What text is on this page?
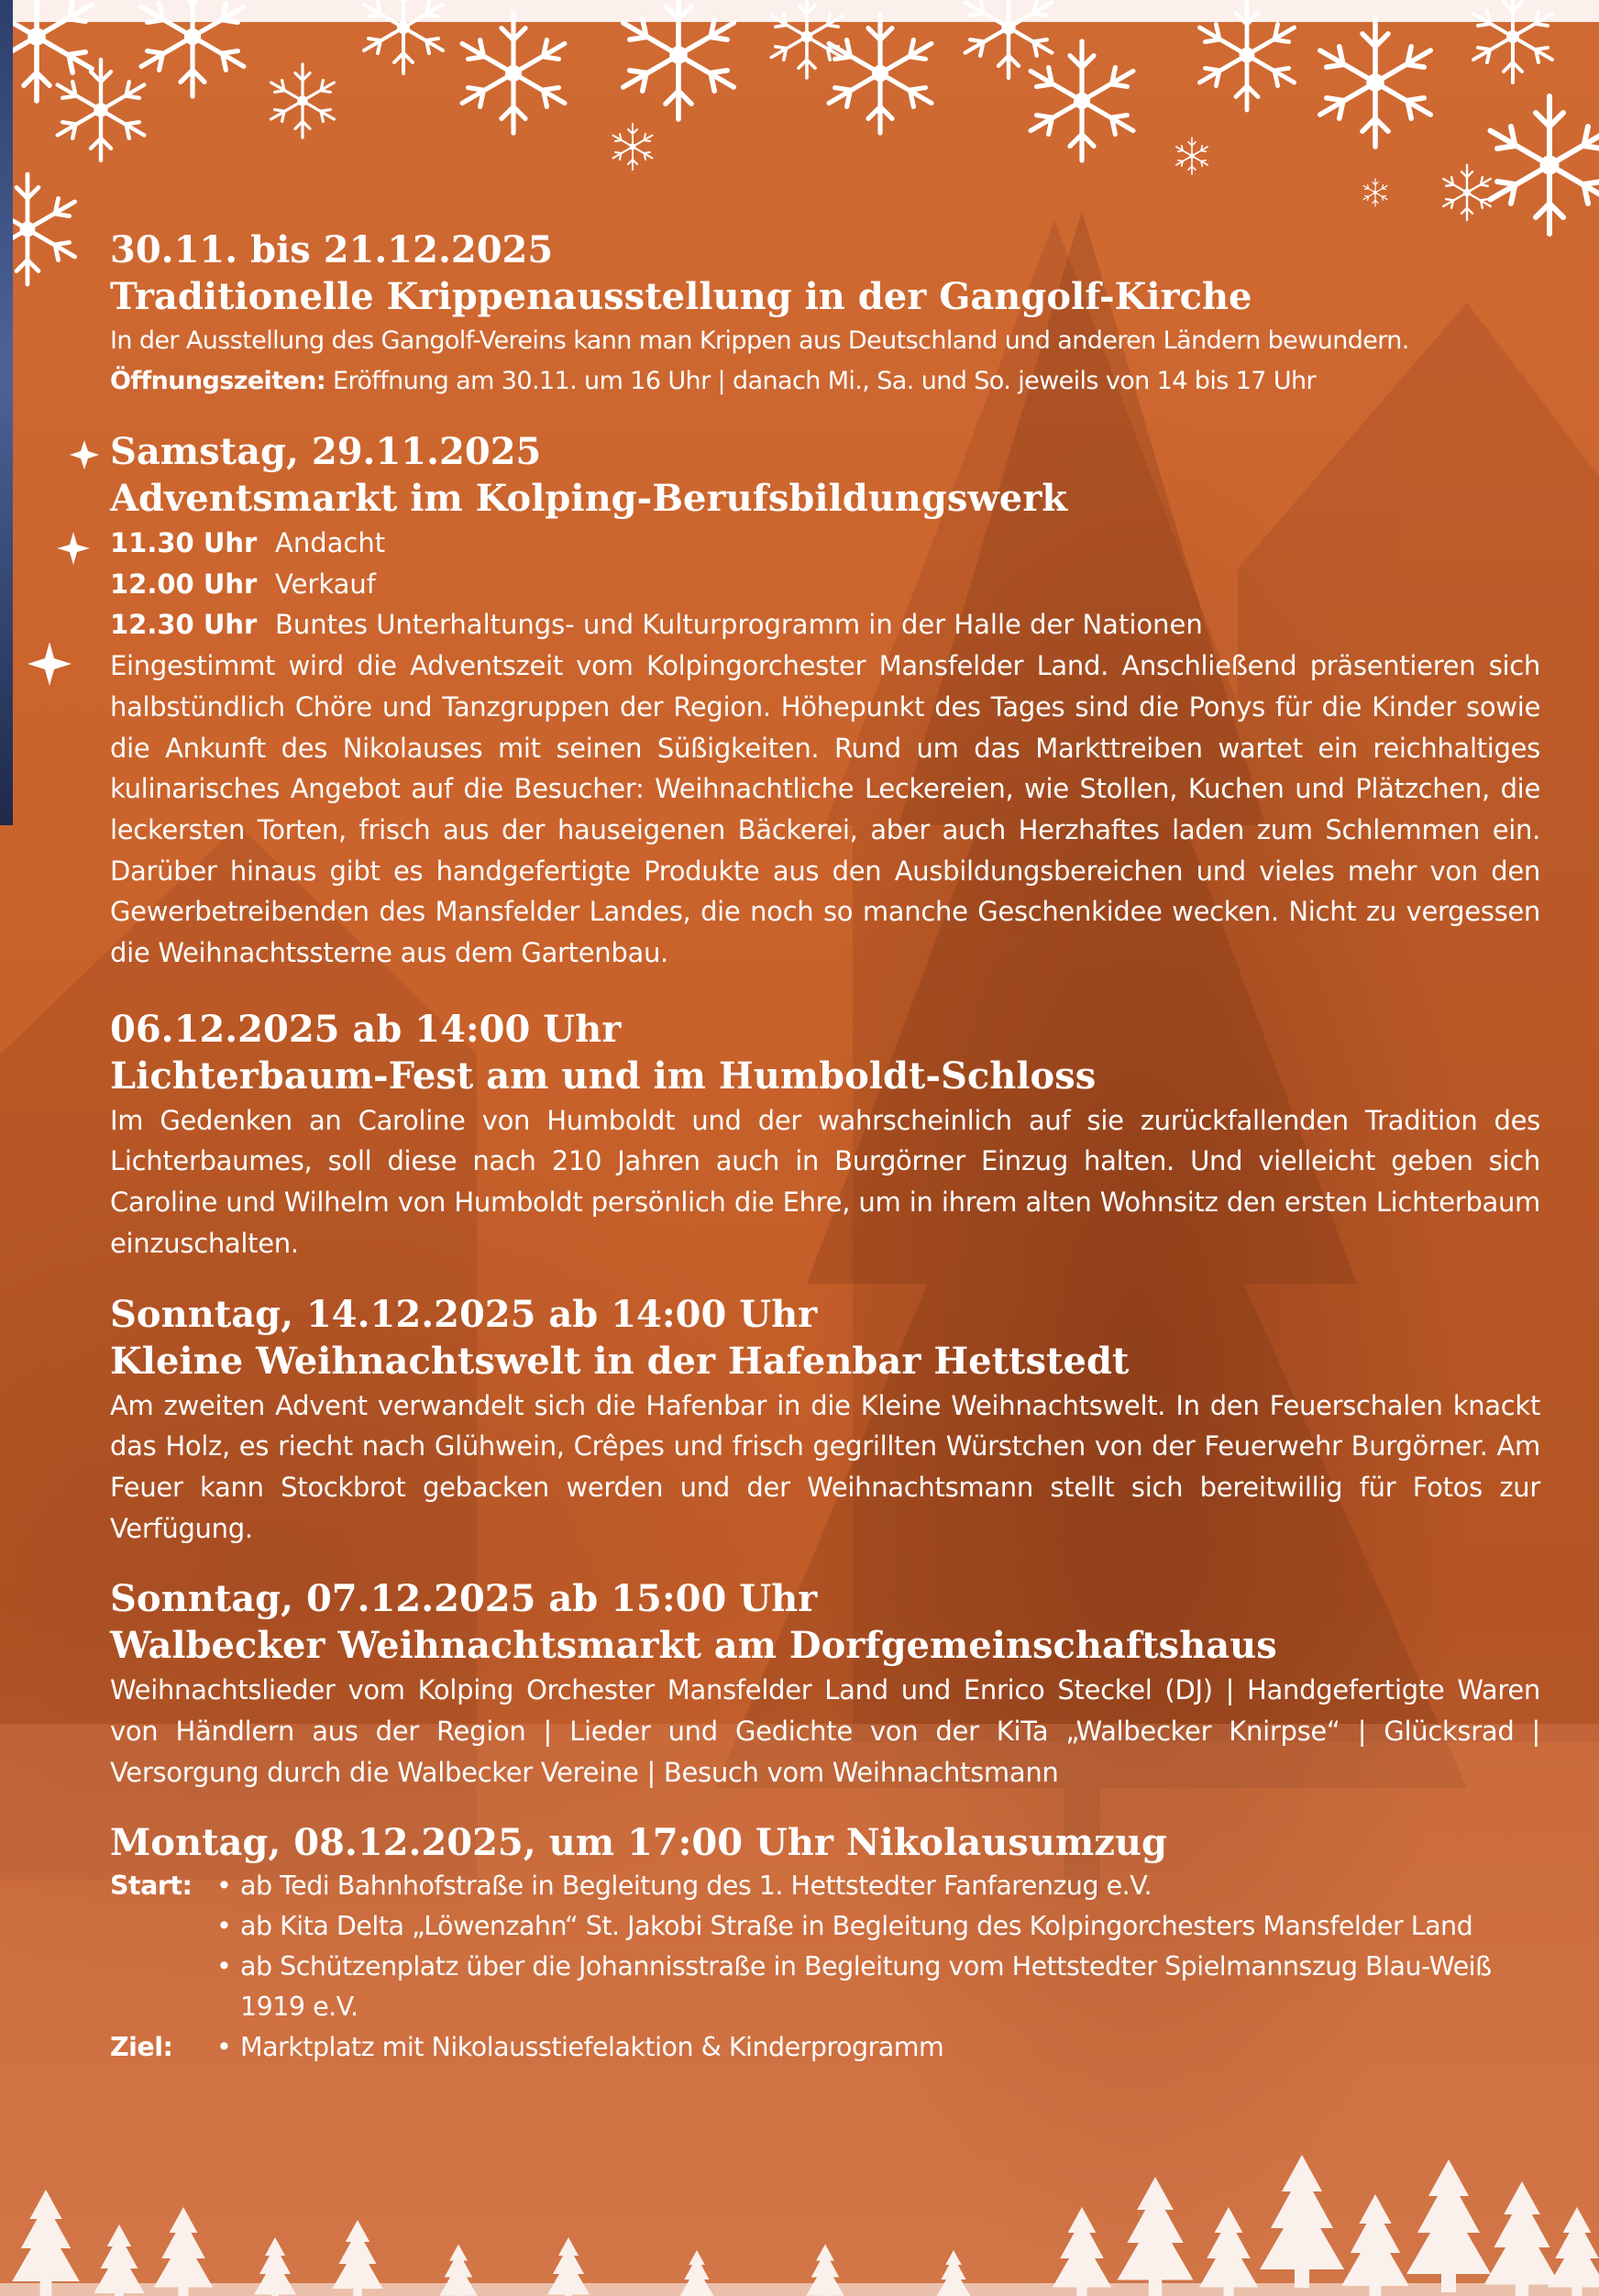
30.11. bis 21.12.2025
Traditionelle Krippenausstellung in der Gangolf-Kirche
In der Ausstellung des Gangolf-Vereins kann man Krippen aus Deutschland und anderen Ländern bewundern.
Öffnungszeiten: Eröffnung am 30.11. um 16 Uhr | danach Mi., Sa. und So. jeweils von 14 bis 17 Uhr
Samstag, 29.11.2025
Adventsmarkt im Kolping-Berufsbildungswerk
11.30 Uhr Andacht
12.00 Uhr Verkauf
12.30 Uhr Buntes Unterhaltungs- und Kulturprogramm in der Halle der Nationen
Eingestimmt wird die Adventszeit vom Kolpingorchester Mansfelder Land. Anschließend präsentieren sich halbstündlich Chöre und Tanzgruppen der Region. Höhepunkt des Tages sind die Ponys für die Kinder sowie die Ankunft des Nikolauses mit seinen Süßigkeiten. Rund um das Markttreiben wartet ein reichhaltiges kulinarisches Angebot auf die Besucher: Weihnachtliche Leckereien, wie Stollen, Kuchen und Plätzchen, die leckersten Torten, frisch aus der hauseigenen Bäckerei, aber auch Herzhaftes laden zum Schlemmen ein. Darüber hinaus gibt es handgefertigte Produkte aus den Ausbildungsbereichen und vieles mehr von den Gewerbetreibenden des Mansfelder Landes, die noch so manche Geschenkidee wecken. Nicht zu vergessen die Weihnachtssterne aus dem Gartenbau.
06.12.2025 ab 14:00 Uhr
Lichterbaum-Fest am und im Humboldt-Schloss
Im Gedenken an Caroline von Humboldt und der wahrscheinlich auf sie zurückfallenden Tradition des Lichterbaumes, soll diese nach 210 Jahren auch in Burgörner Einzug halten. Und vielleicht geben sich Caroline und Wilhelm von Humboldt persönlich die Ehre, um in ihrem alten Wohnsitz den ersten Lichterbaum einzuschalten.
Sonntag, 14.12.2025 ab 14:00 Uhr
Kleine Weihnachtswelt in der Hafenbar Hettstedt
Am zweiten Advent verwandelt sich die Hafenbar in die Kleine Weihnachtswelt. In den Feuerschalen knackt das Holz, es riecht nach Glühwein, Crêpes und frisch gegrillten Würstchen von der Feuerwehr Burgörner. Am Feuer kann Stockbrot gebacken werden und der Weihnachtsmann stellt sich bereitwillig für Fotos zur Verfügung.
Sonntag, 07.12.2025 ab 15:00 Uhr
Walbecker Weihnachtsmarkt am Dorfgemeinschaftshaus
Weihnachtslieder vom Kolping Orchester Mansfelder Land und Enrico Steckel (DJ) | Handgefertigte Waren von Händlern aus der Region | Lieder und Gedichte von der KiTa „Walbecker Knirpse“ | Glücksrad | Versorgung durch die Walbecker Vereine | Besuch vom Weihnachtsmann
Montag, 08.12.2025, um 17:00 Uhr Nikolausumzug
Start: • ab Tedi Bahnhofstraße in Begleitung des 1. Hettstedter Fanfarenzug e.V.
• ab Kita Delta „Löwenzahn“ St. Jakobi Straße in Begleitung des Kolpingorchesters Mansfelder Land
• ab Schützenplatz über die Johannisstraße in Begleitung vom Hettstedter Spielmannszug Blau-Weiß 1919 e.V.
Ziel:	• Marktplatz mit Nikolausstiefelaktion & Kinderprogramm
